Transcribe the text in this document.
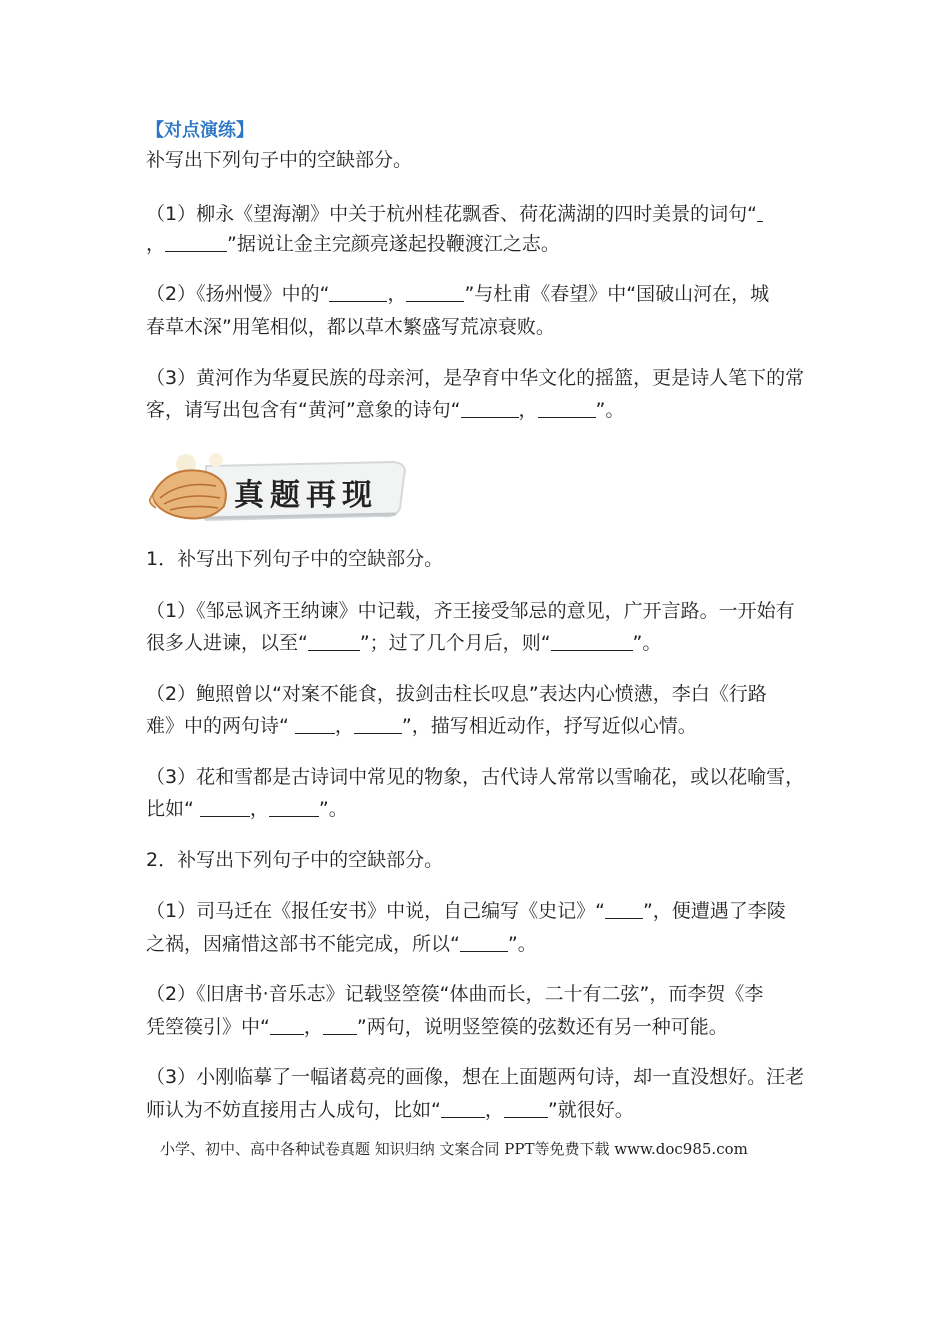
【对点演练】
补写出下列句子中的空缺部分。
（1）柳永《望海潮》中关于杭州桂花飘香、荷花满湖的四时美景的词句“
，	”据说让金主完颜亮遂起投鞭渡江之志。
（2）《扬州慢》中的“	，	”与杜甫《春望》中“国破山河在，城
春草木深”用笔相似，都以草木繁盛写荒凉衰败。
（3）黄河作为华夏民族的母亲河，是孕育中华文化的摇篮，更是诗人笔下的常
客，请写出包含有“黄河”意象的诗句“	，	”。
真题再现
1．补写出下列句子中的空缺部分。
（1）《邹忌讽齐王纳谏》中记载，齐王接受邹忌的意见，广开言路。一开始有
很多人进谏，以至“	”；过了几个月后，则“	”。
（2）鲍照曾以“对案不能食，拔剑击柱长叹息”表达内心愤懑，李白《行路
难》中的两句诗“ ，	”，描写相近动作，抒写近似心情。
（3）花和雪都是古诗词中常见的物象，古代诗人常常以雪喻花，或以花喻雪，
比如“	，	”。
2．补写出下列句子中的空缺部分。
（1）司马迁在《报任安书》中说，自己编写《史记》“ ”，便遭遇了李陵
之祸，因痛惜这部书不能完成，所以“	”。
（2）《旧唐书·音乐志》记载竖箜篌“体曲而长，二十有二弦”，而李贺《李
凭箜篌引》中“ ， ”两句，说明竖箜篌的弦数还有另一种可能。
（3）小刚临摹了一幅诸葛亮的画像，想在上面题两句诗，却一直没想好。汪老
师认为不妨直接用古人成句，比如“ ， ”就很好。
小学、初中、高中各种试卷真题 知识归纳 文案合同 PPT等免费下载 www.doc985.com
